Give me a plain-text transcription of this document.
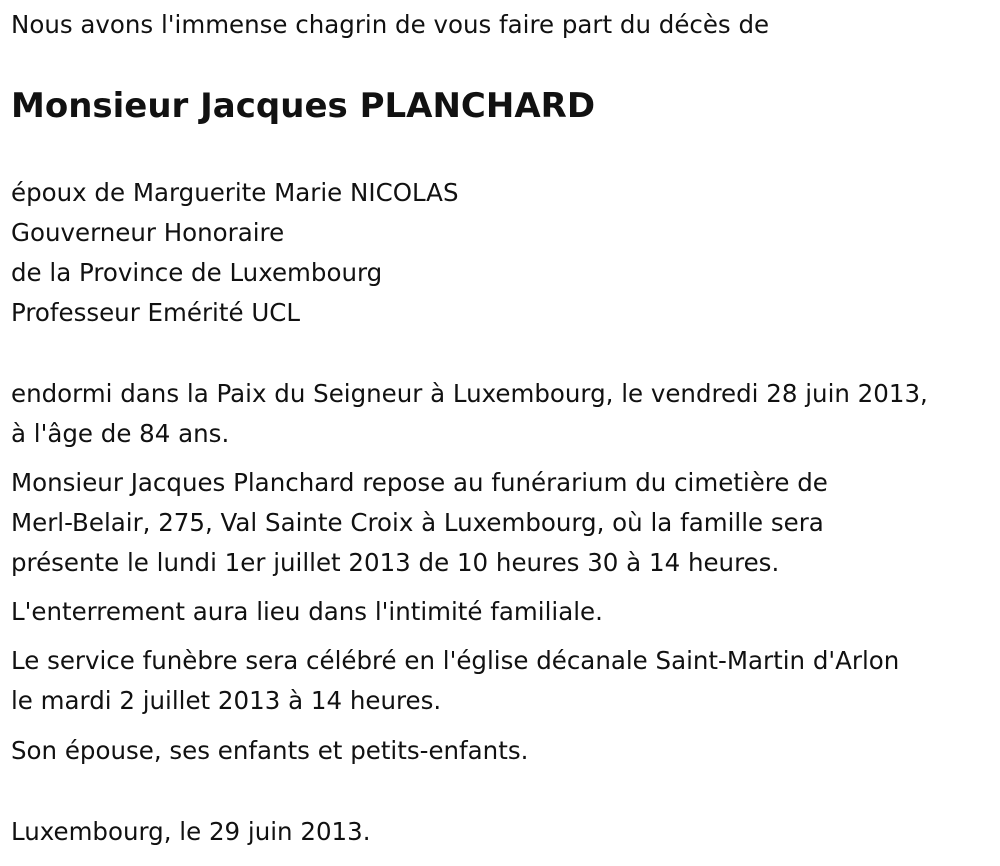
Nous avons l'immense chagrin de vous faire part du décès de
Monsieur Jacques PLANCHARD
époux de Marguerite Marie NICOLAS
Gouverneur Honoraire
de la Province de Luxembourg
Professeur Emérité UCL
endormi dans la Paix du Seigneur à Luxembourg, le vendredi 28 juin 2013,
à l'âge de 84 ans.
Monsieur Jacques Planchard repose au funérarium du cimetière de
Merl-Belair, 275, Val Sainte Croix à Luxembourg, où la famille sera
présente le lundi 1er juillet 2013 de 10 heures 30 à 14 heures.
L'enterrement aura lieu dans l'intimité familiale.
Le service funèbre sera célébré en l'église décanale Saint-Martin d'Arlon
le mardi 2 juillet 2013 à 14 heures.
Son épouse, ses enfants et petits-enfants.
Luxembourg, le 29 juin 2013.
